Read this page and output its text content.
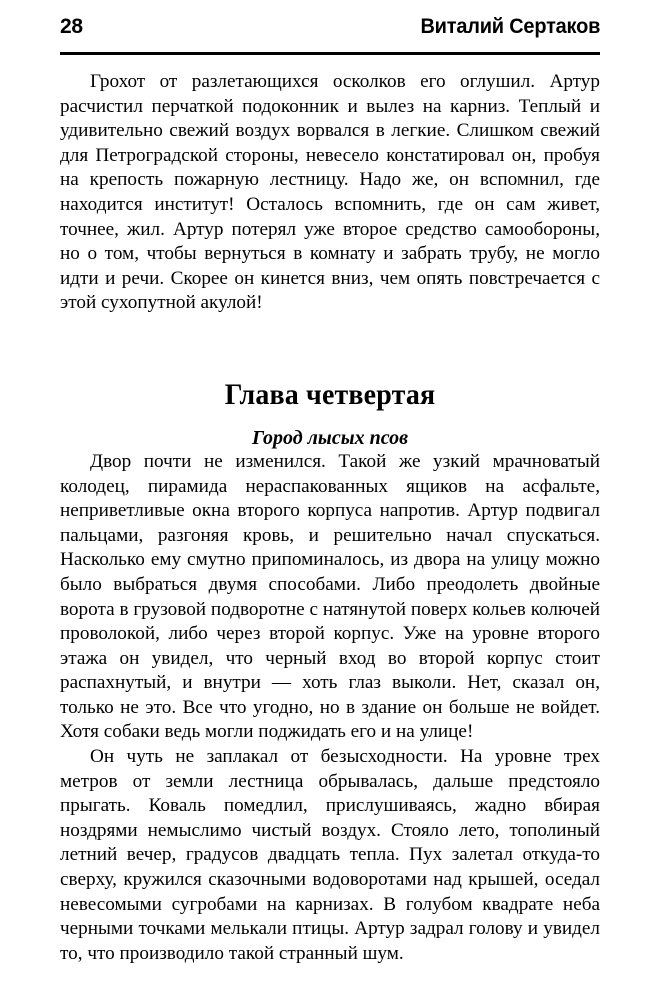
28	Виталий Сертаков

Грохот от разлетающихся осколков его оглушил. Артур расчистил перчаткой подоконник и вылез на карниз. Теплый и удивительно свежий воздух ворвался в легкие. Слишком свежий для Петроградской стороны, невесело констатировал он, пробуя на крепость пожарную лестницу. Надо же, он вспомнил, где находится институт! Осталось вспомнить, где он сам живет, точнее, жил. Артур потерял уже второе средство самообороны, но о том, чтобы вернуться в комнату и забрать трубу, не могло идти и речи. Скорее он кинется вниз, чем опять повстречается с этой сухопутной акулой!

Глава четвертая
Город лысых псов

Двор почти не изменился. Такой же узкий мрачноватый колодец, пирамида нераспакованных ящиков на асфальте, неприветливые окна второго корпуса напротив. Артур подвигал пальцами, разгоняя кровь, и решительно начал спускаться. Насколько ему смутно припоминалось, из двора на улицу можно было выбраться двумя способами. Либо преодолеть двойные ворота в грузовой подворотне с натянутой поверх кольев колючей проволокой, либо через второй корпус. Уже на уровне второго этажа он увидел, что черный вход во второй корпус стоит распахнутый, и внутри — хоть глаз выколи. Нет, сказал он, только не это. Все что угодно, но в здание он больше не войдет. Хотя собаки ведь могли поджидать его и на улице!

Он чуть не заплакал от безысходности. На уровне трех метров от земли лестница обрывалась, дальше предстояло прыгать. Коваль помедлил, прислушиваясь, жадно вбирая ноздрями немыслимо чистый воздух. Стояло лето, тополиный летний вечер, градусов двадцать тепла. Пух залетал откуда-то сверху, кружился сказочными водоворотами над крышей, оседал невесомыми сугробами на карнизах. В голубом квадрате неба черными точками мелькали птицы. Артур задрал голову и увидел то, что производило такой странный шум.
